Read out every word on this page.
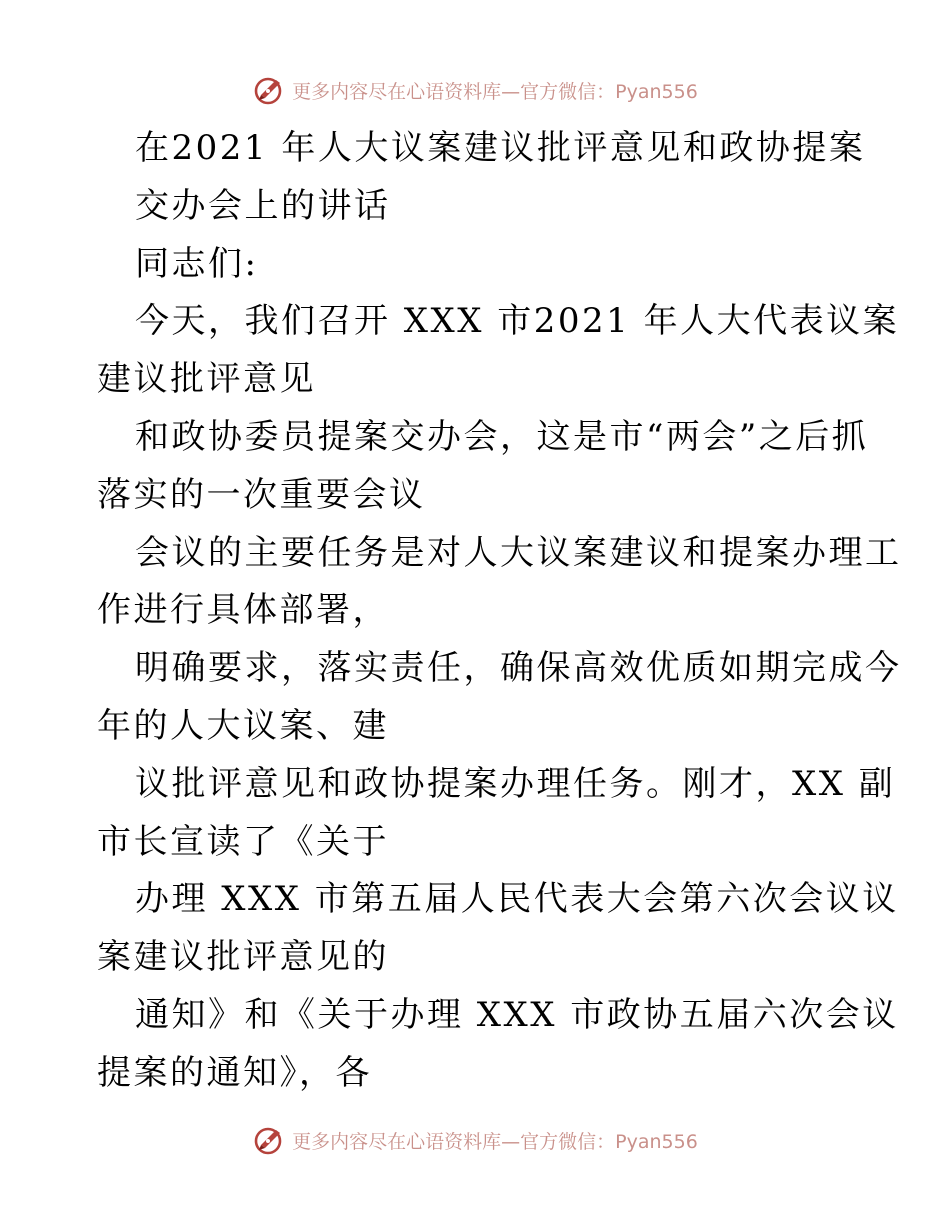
更多内容尽在心语资料库—官方微信：Pyan556
在2021 年人大议案建议批评意见和政协提案
交办会上的讲话
同志们:
今天，我们召开 XXX 市2021 年人大代表议案
建议批评意见
和政协委员提案交办会，这是市“两会”之后抓
落实的一次重要会议
会议的主要任务是对人大议案建议和提案办理工
作进行具体部署，
明确要求，落实责任，确保高效优质如期完成今
年的人大议案、建
议批评意见和政协提案办理任务。刚才，XX 副
市长宣读了《关于
办理 XXX 市第五届人民代表大会第六次会议议
案建议批评意见的
通知》和《关于办理 XXX 市政协五届六次会议
提案的通知》，各
更多内容尽在心语资料库—官方微信：Pyan556
